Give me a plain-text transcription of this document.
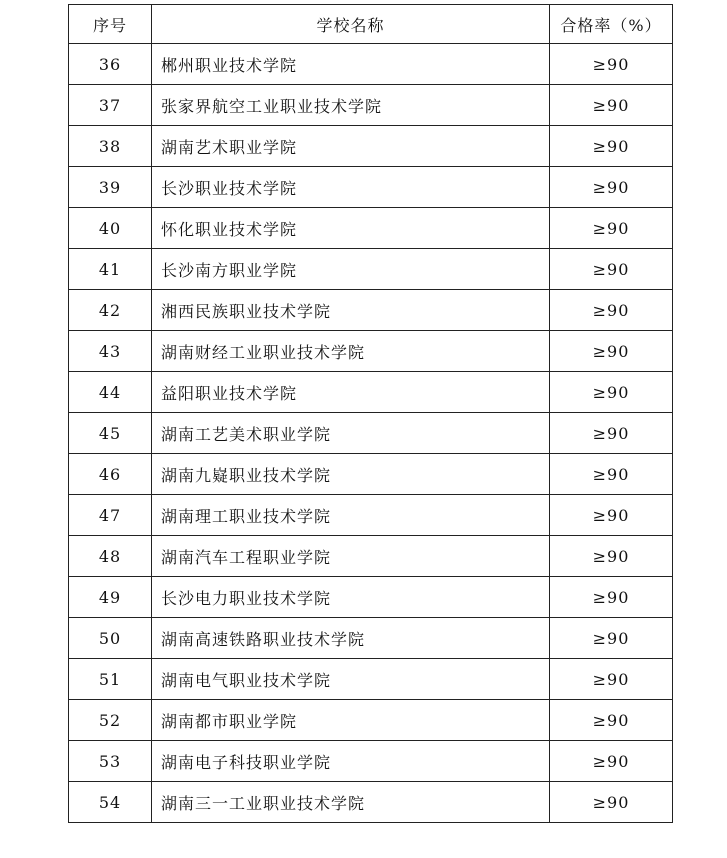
序号	学校名称	合格率（%）
36	郴州职业技术学院	≥90
37	张家界航空工业职业技术学院	≥90
38	湖南艺术职业学院	≥90
39	长沙职业技术学院	≥90
40	怀化职业技术学院	≥90
41	长沙南方职业学院	≥90
42	湘西民族职业技术学院	≥90
43	湖南财经工业职业技术学院	≥90
44	益阳职业技术学院	≥90
45	湖南工艺美术职业学院	≥90
46	湖南九嶷职业技术学院	≥90
47	湖南理工职业技术学院	≥90
48	湖南汽车工程职业学院	≥90
49	长沙电力职业技术学院	≥90
50	湖南高速铁路职业技术学院	≥90
51	湖南电气职业技术学院	≥90
52	湖南都市职业学院	≥90
53	湖南电子科技职业学院	≥90
54	湖南三一工业职业技术学院	≥90
